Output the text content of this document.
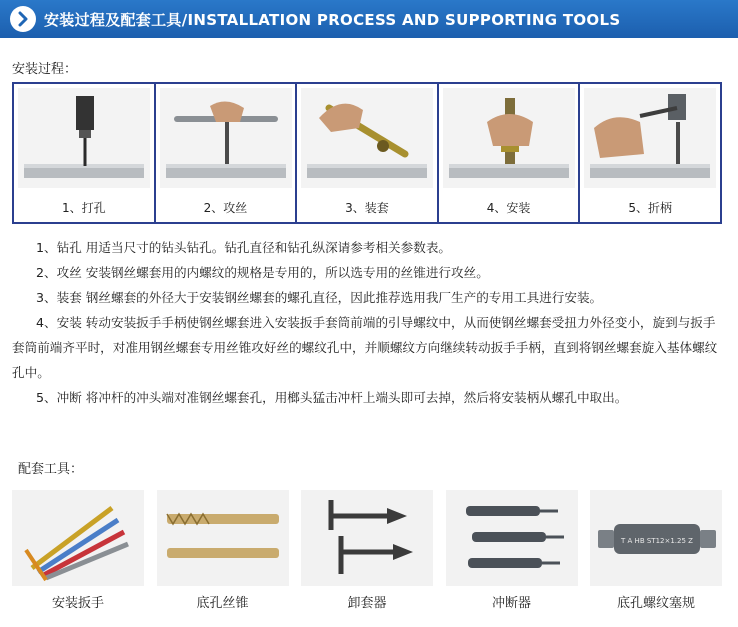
安装过程及配套工具/INSTALLATION PROCESS AND SUPPORTING TOOLS
安装过程：
1、打孔	2、攻丝	3、装套	4、安装	5、折柄

1、钻孔 用适当尺寸的钻头钻孔。钻孔直径和钻孔纵深请参考相关参数表。

2、攻丝 安装钢丝螺套用的内螺纹的规格是专用的，所以选专用的丝锥进行攻丝。

3、装套 钢丝螺套的外径大于安装钢丝螺套的螺孔直径，因此推荐选用我厂生产的专用工具进行安装。

4、安装 转动安装扳手手柄使钢丝螺套进入安装扳手套筒前端的引导螺纹中，从而使钢丝螺套受扭力外径变小，旋到与扳手套筒前端齐平时，对准用钢丝螺套专用丝锥攻好丝的螺纹孔中，并顺螺纹方向继续转动扳手手柄，直到将钢丝螺套旋入基体螺纹孔中。

5、冲断 将冲杆的冲头端对准钢丝螺套孔，用榔头猛击冲杆上端头即可去掉，然后将安装柄从螺孔中取出。

配套工具：
安装扳手	底孔丝锥	卸套器	冲断器
T A HB ST12×1.25 Z
底孔螺纹塞规
